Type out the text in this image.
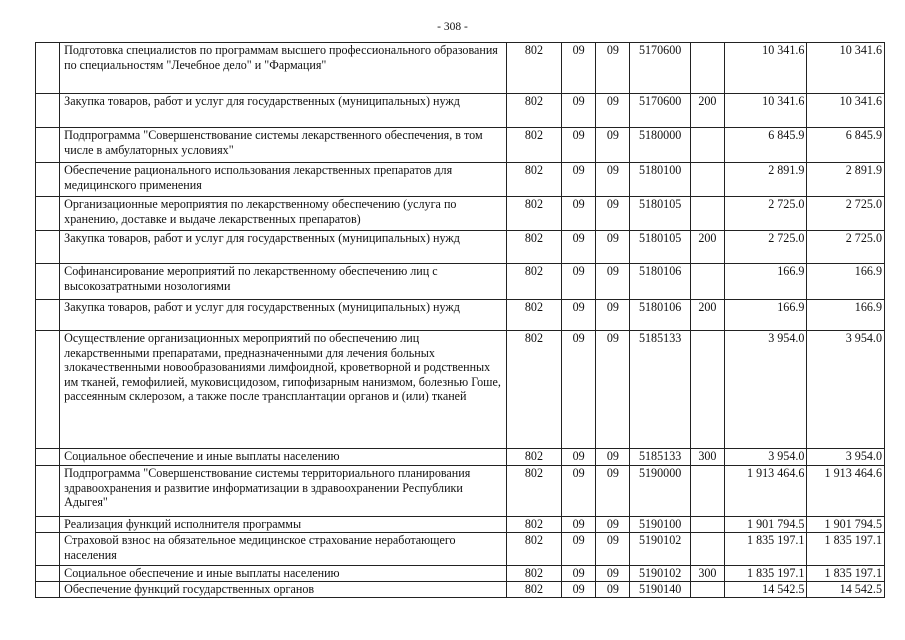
- 308 -
	Подготовка специалистов по программам высшего профессионального образования по специальностям "Лечебное дело" и "Фармация"	802	09	09	5170600		10 341.6	10 341.6
	Закупка товаров, работ и услуг для государственных (муниципальных) нужд	802	09	09	5170600	200	10 341.6	10 341.6
	Подпрограмма "Совершенствование системы лекарственного обеспечения, в том числе в амбулаторных условиях"	802	09	09	5180000		6 845.9	6 845.9
	Обеспечение рационального использования лекарственных препаратов для медицинского применения	802	09	09	5180100		2 891.9	2 891.9
	Организационные мероприятия по лекарственному обеспечению (услуга по хранению, доставке и выдаче лекарственных препаратов)	802	09	09	5180105		2 725.0	2 725.0
	Закупка товаров, работ и услуг для государственных (муниципальных) нужд	802	09	09	5180105	200	2 725.0	2 725.0
	Софинансирование мероприятий по лекарственному обеспечению лиц с высокозатратными нозологиями	802	09	09	5180106		166.9	166.9
	Закупка товаров, работ и услуг для государственных (муниципальных) нужд	802	09	09	5180106	200	166.9	166.9
	Осуществление организационных мероприятий по обеспечению лиц лекарственными препаратами, предназначенными для лечения больных злокачественными новообразованиями лимфоидной, кроветворной и родственных им тканей, гемофилией, муковисцидозом, гипофизарным нанизмом, болезнью Гоше, рассеянным склерозом, а также после трансплантации органов и (или) тканей	802	09	09	5185133		3 954.0	3 954.0
	Социальное обеспечение и иные выплаты населению	802	09	09	5185133	300	3 954.0	3 954.0
	Подпрограмма "Совершенствование системы территориального планирования здравоохранения и развитие информатизации в здравоохранении Республики Адыгея"	802	09	09	5190000		1 913 464.6	1 913 464.6
	Реализация функций исполнителя программы	802	09	09	5190100		1 901 794.5	1 901 794.5
	Страховой взнос на обязательное медицинское страхование неработающего населения	802	09	09	5190102		1 835 197.1	1 835 197.1
	Социальное обеспечение и иные выплаты населению	802	09	09	5190102	300	1 835 197.1	1 835 197.1
	Обеспечение функций государственных органов	802	09	09	5190140		14 542.5	14 542.5
